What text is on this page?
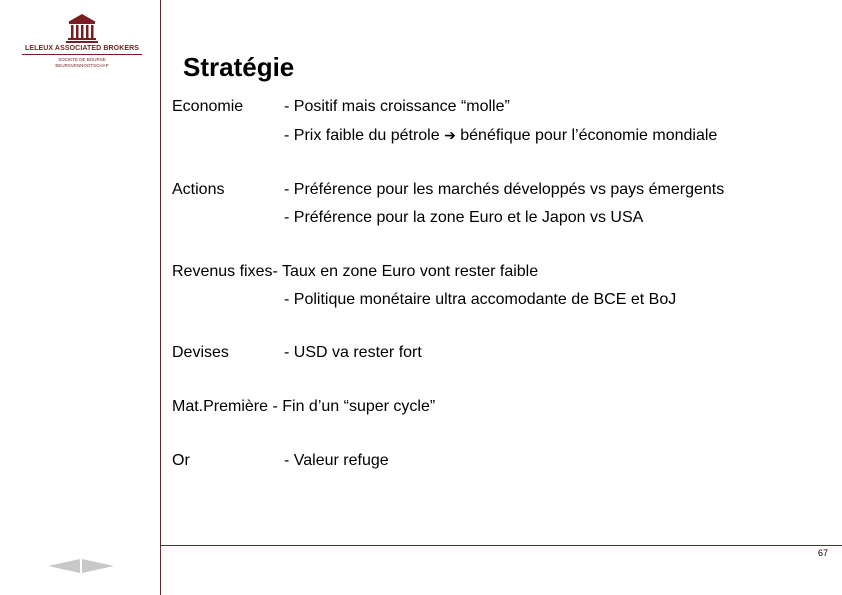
LELEUX ASSOCIATED BROKERS
SOCIETE DE BOURSE
BEURSVENNOOTSCHAP	Stratégie
Economie	- Positif mais croissance “molle”
- Prix faible du pétrole ➔ bénéfique pour l’économie mondiale
Actions	- Préférence pour les marchés développés vs pays émergents
- Préférence pour la zone Euro et le Japon vs USA
Revenus fixes- Taux en zone Euro vont rester faible
- Politique monétaire ultra accomodante de BCE et BoJ
Devises	- USD va rester fort
Mat.Première - Fin d’un “super cycle”
Or	- Valeur refuge
67
